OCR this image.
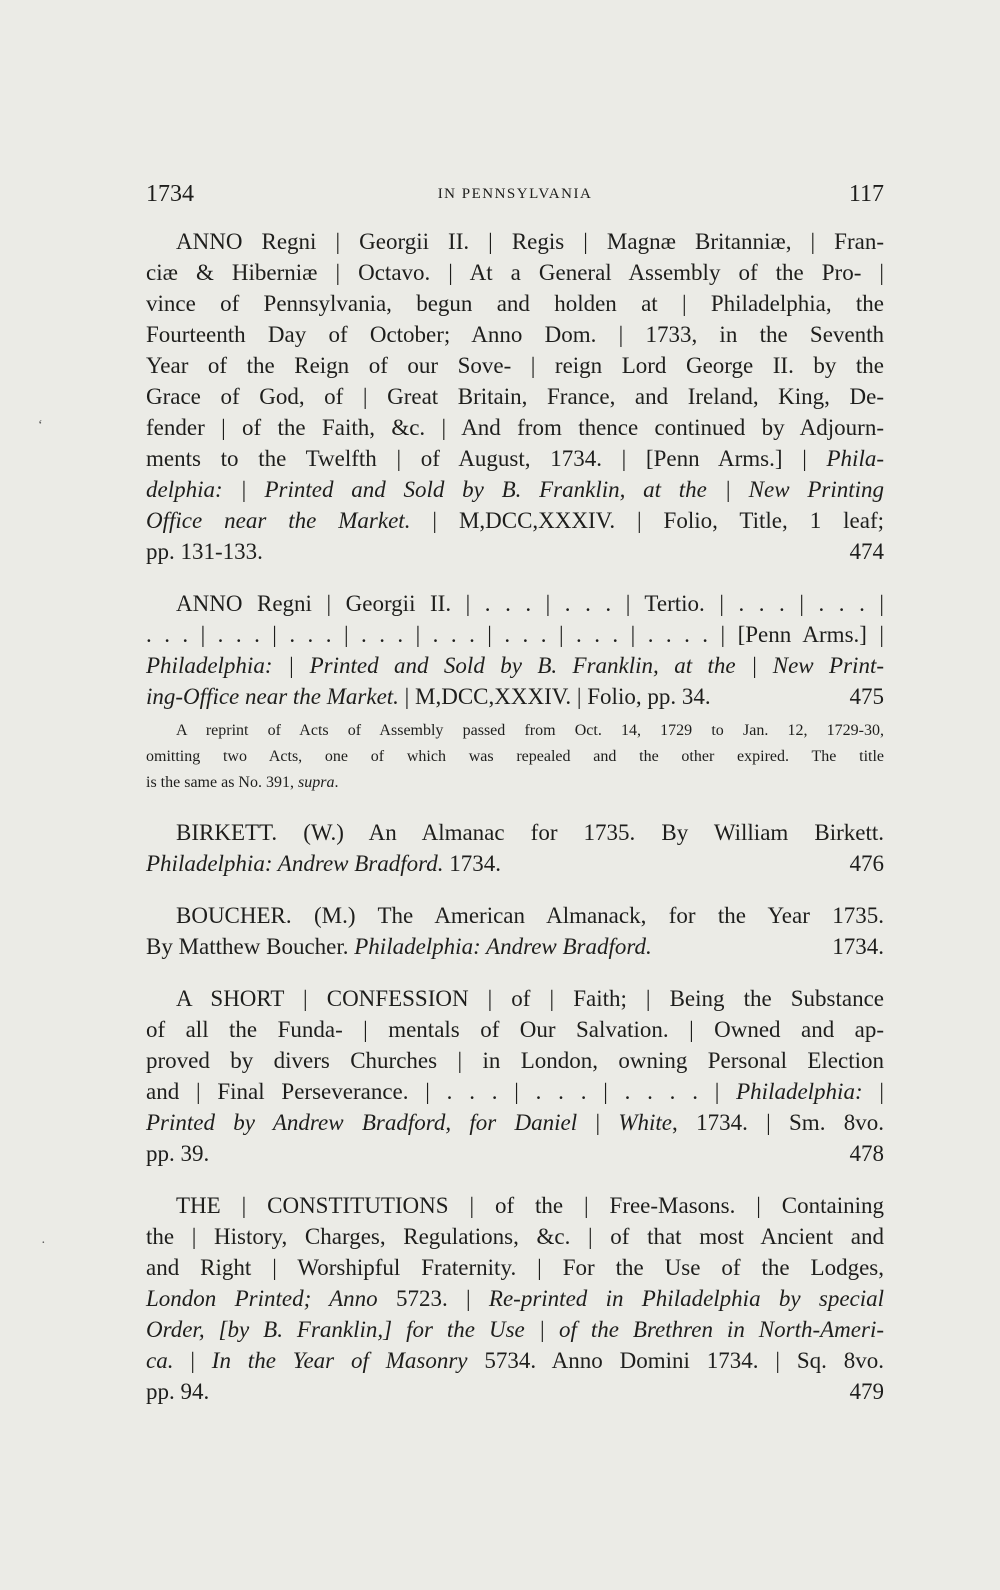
ʻ
·
1734	IN PENNSYLVANIA	117
ANNO Regni | Georgii II. | Regis | Magnæ Britanniæ, | Fran-
ciæ & Hiberniæ | Octavo. | At a General Assembly of the Pro- |
vince of Pennsylvania, begun and holden at | Philadelphia, the
Fourteenth Day of October; Anno Dom. | 1733, in the Seventh
Year of the Reign of our Sove- | reign Lord George II. by the
Grace of God, of | Great Britain, France, and Ireland, King, De-
fender | of the Faith, &c. | And from thence continued by Adjourn-
ments to the Twelfth | of August, 1734. | [Penn Arms.] | Phila-
delphia: | Printed and Sold by B. Franklin, at the | New Printing
Office near the Market. | M,DCC,XXXIV. | Folio, Title, 1 leaf;
pp. 131-133.	474
ANNO Regni | Georgii II. | . . . | . . . | Tertio. | . . . | . . . |
. . . | . . . | . . . | . . . | . . . | . . . | . . . | . . . . | [Penn Arms.] |
Philadelphia: | Printed and Sold by B. Franklin, at the | New Print-
ing-Office near the Market. | M,DCC,XXXIV. | Folio, pp. 34.	475
A reprint of Acts of Assembly passed from Oct. 14, 1729 to Jan. 12, 1729-30,
omitting two Acts, one of which was repealed and the other expired. The title
is the same as No. 391, supra.
BIRKETT. (W.) An Almanac for 1735. By William Birkett.
Philadelphia: Andrew Bradford. 1734.	476
BOUCHER. (M.) The American Almanack, for the Year 1735.
By Matthew Boucher. Philadelphia: Andrew Bradford.	1734.
A SHORT | CONFESSION | of | Faith; | Being the Substance
of all the Funda- | mentals of Our Salvation. | Owned and ap-
proved by divers Churches | in London, owning Personal Election
and | Final Perseverance. | . . . | . . . | . . . . | Philadelphia: |
Printed by Andrew Bradford, for Daniel | White, 1734. | Sm. 8vo.
pp. 39.	478
THE | CONSTITUTIONS | of the | Free-Masons. | Containing
the | History, Charges, Regulations, &c. | of that most Ancient and
and Right | Worshipful Fraternity. | For the Use of the Lodges,
London Printed; Anno 5723. | Re-printed in Philadelphia by special
Order, [by B. Franklin,] for the Use | of the Brethren in North-Ameri-
ca. | In the Year of Masonry 5734. Anno Domini 1734. | Sq. 8vo.
pp. 94.	479
